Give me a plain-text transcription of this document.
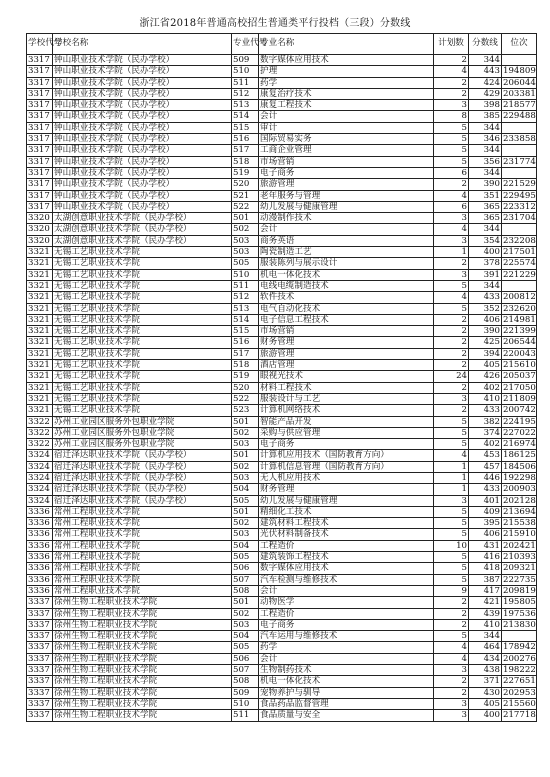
浙江省2018年普通高校招生普通类平行投档（三段）分数线
学校代号	学校名称	专业代号	专业名称	计划数	分数线	位次
3317	钟山职业技术学院（民办学校）	509	数字媒体应用技术	2	344	
3317	钟山职业技术学院（民办学校）	510	护理	4	443	194809
3317	钟山职业技术学院（民办学校）	511	药学	2	424	206044
3317	钟山职业技术学院（民办学校）	512	康复治疗技术	2	429	203381
3317	钟山职业技术学院（民办学校）	513	康复工程技术	3	398	218577
3317	钟山职业技术学院（民办学校）	514	会计	8	385	229488
3317	钟山职业技术学院（民办学校）	515	审计	5	344	
3317	钟山职业技术学院（民办学校）	516	国际贸易实务	5	346	233858
3317	钟山职业技术学院（民办学校）	517	工商企业管理	5	344	
3317	钟山职业技术学院（民办学校）	518	市场营销	5	356	231774
3317	钟山职业技术学院（民办学校）	519	电子商务	6	344	
3317	钟山职业技术学院（民办学校）	520	旅游管理	2	390	221529
3317	钟山职业技术学院（民办学校）	521	老年服务与管理	4	351	229495
3317	钟山职业技术学院（民办学校）	522	幼儿发展与健康管理	6	365	223312
3320	太湖创意职业技术学院（民办学校）	501	动漫制作技术	3	365	231704
3320	太湖创意职业技术学院（民办学校）	502	会计	4	344	
3320	太湖创意职业技术学院（民办学校）	503	商务英语	3	354	232208
3321	无锡工艺职业技术学院	503	陶瓷制造工艺	1	400	217501
3321	无锡工艺职业技术学院	505	服装陈列与展示设计	2	378	225574
3321	无锡工艺职业技术学院	510	机电一体化技术	3	391	221229
3321	无锡工艺职业技术学院	511	电线电缆制造技术	5	344	
3321	无锡工艺职业技术学院	512	软件技术	4	433	200812
3321	无锡工艺职业技术学院	513	电气自动化技术	5	352	232620
3321	无锡工艺职业技术学院	514	电子信息工程技术	2	406	214981
3321	无锡工艺职业技术学院	515	市场营销	2	390	221399
3321	无锡工艺职业技术学院	516	财务管理	2	425	206544
3321	无锡工艺职业技术学院	517	旅游管理	2	394	220043
3321	无锡工艺职业技术学院	518	酒店管理	2	405	215610
3321	无锡工艺职业技术学院	519	眼视光技术	24	426	205037
3321	无锡工艺职业技术学院	520	材料工程技术	2	402	217050
3321	无锡工艺职业技术学院	522	服装设计与工艺	3	410	211809
3321	无锡工艺职业技术学院	523	计算机网络技术	2	433	200742
3322	苏州工业园区服务外包职业学院	501	智能产品开发	5	382	224195
3322	苏州工业园区服务外包职业学院	502	采购与供应管理	5	374	227022
3322	苏州工业园区服务外包职业学院	503	电子商务	5	402	216974
3324	宿迁泽达职业技术学院（民办学校）	501	计算机应用技术（国防教育方向）	4	453	186125
3324	宿迁泽达职业技术学院（民办学校）	502	计算机信息管理（国防教育方向）	1	457	184506
3324	宿迁泽达职业技术学院（民办学校）	503	无人机应用技术	1	446	192298
3324	宿迁泽达职业技术学院（民办学校）	504	财务管理	1	433	200903
3324	宿迁泽达职业技术学院（民办学校）	505	幼儿发展与健康管理	3	401	202128
3336	常州工程职业技术学院	501	精细化工技术	5	409	213694
3336	常州工程职业技术学院	502	建筑材料工程技术	5	395	215538
3336	常州工程职业技术学院	503	光伏材料制备技术	5	406	215910
3336	常州工程职业技术学院	504	工程造价	10	431	202421
3336	常州工程职业技术学院	505	建筑装饰工程技术	5	416	210393
3336	常州工程职业技术学院	506	数字媒体应用技术	5	418	209321
3336	常州工程职业技术学院	507	汽车检测与维修技术	5	387	222735
3336	常州工程职业技术学院	508	会计	9	417	209819
3337	徐州生物工程职业技术学院	501	动物医学	2	421	195805
3337	徐州生物工程职业技术学院	502	工程造价	2	439	197536
3337	徐州生物工程职业技术学院	503	电子商务	2	410	213830
3337	徐州生物工程职业技术学院	504	汽车运用与维修技术	5	344	
3337	徐州生物工程职业技术学院	505	药学	4	464	178942
3337	徐州生物工程职业技术学院	506	会计	4	434	200276
3337	徐州生物工程职业技术学院	507	生物制药技术	3	438	198222
3337	徐州生物工程职业技术学院	508	机电一体化技术	2	371	227651
3337	徐州生物工程职业技术学院	509	宠物养护与驯导	2	430	202953
3337	徐州生物工程职业技术学院	510	食品药品监督管理	3	405	215560
3337	徐州生物工程职业技术学院	511	食品质量与安全	3	400	217718
